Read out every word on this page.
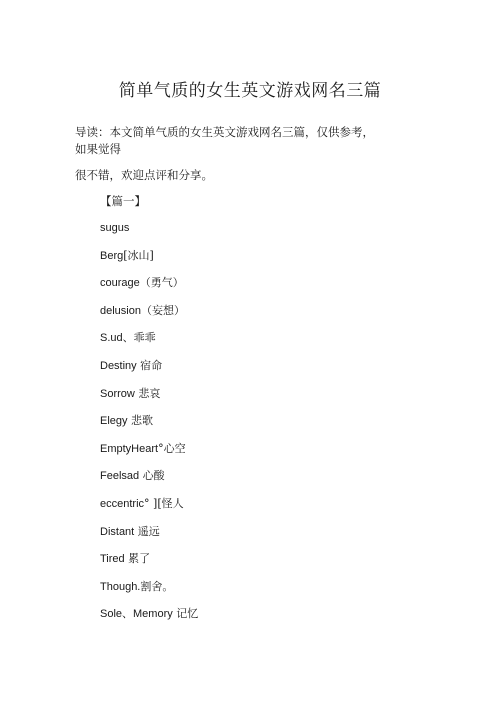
简单气质的女生英文游戏网名三篇
导读：本文简单气质的女生英文游戏网名三篇，仅供参考，
如果觉得
很不错，欢迎点评和分享。
【篇一】
sugus
Berg[冰山]
courage（勇气）
delusion（妄想）
S.ud、乖乖
Destiny 宿命
Sorrow 悲哀
Elegy 悲歌
EmptyHeart°心空
Feelsad 心酸
eccentric° ][怪人
Distant 遥远
Tired 累了
Though.割舍。
Sole、Memory 记忆
